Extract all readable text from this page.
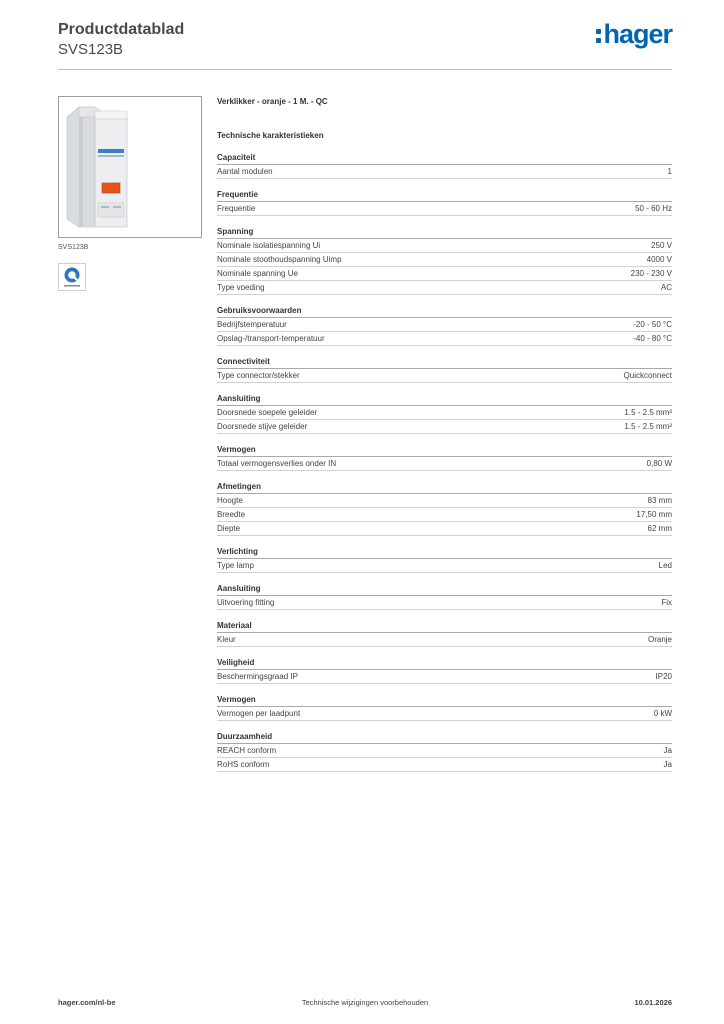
Productdatablad
SVS123B
hager
SVS123B
Verklikker - oranje - 1 M. - QC
Technische karakteristieken
Capaciteit
Aantal modulen	1
Frequentie
Frequentie	50 - 60 Hz
Spanning
Nominale isolatiespanning Ui	250 V
Nominale stoothoudspanning Uimp	4000 V
Nominale spanning Ue	230 - 230 V
Type voeding	AC
Gebruiksvoorwaarden
Bedrijfstemperatuur	-20 - 50 °C
Opslag-/transport-temperatuur	-40 - 80 °C
Connectiviteit
Type connector/stekker	Quickconnect
Aansluiting
Doorsnede soepele geleider	1.5 - 2.5 mm²
Doorsnede stijve geleider	1.5 - 2.5 mm²
Vermogen
Totaal vermogensverlies onder IN	0,80 W
Afmetingen
Hoogte	83 mm
Breedte	17,50 mm
Diepte	62 mm
Verlichting
Type lamp	Led
Aansluiting
Uitvoering fitting	Fix
Materiaal
Kleur	Oranje
Veiligheid
Beschermingsgraad IP	IP20
Vermogen
Vermogen per laadpunt	0 kW
Duurzaamheid
REACH conform	Ja
RoHS conform	Ja
hager.com/nl-be	Technische wijzigingen voorbehouden	10.01.2026
